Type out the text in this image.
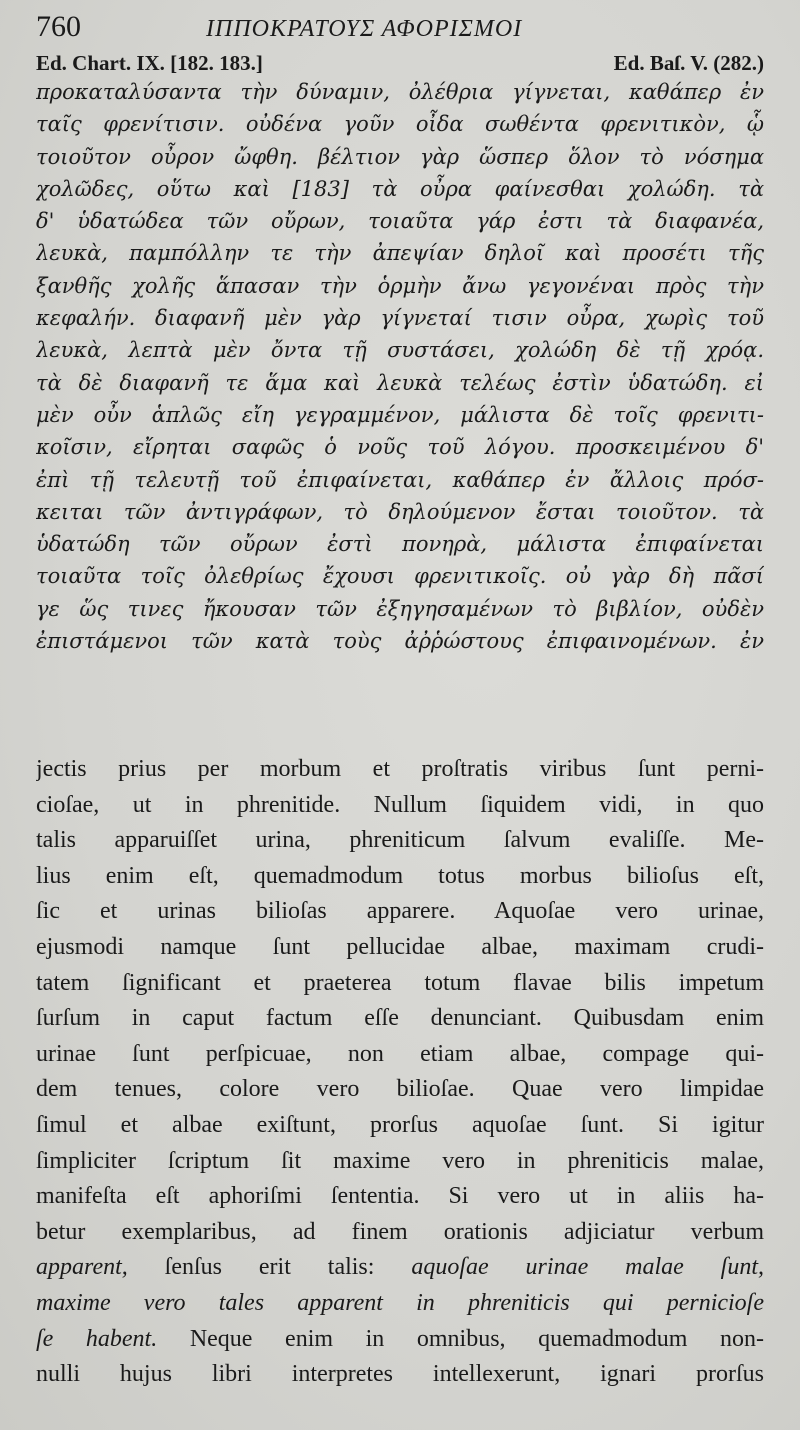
760	ΙΠΠΟΚΡΑΤΟΥΣ ΑΦΟΡΙΣΜΟΙ
Ed. Chart. IX. [182. 183.]	Ed. Baſ. V. (282.)
προκαταλύσαντα τὴν δύναμιν, ὀλέθρια γίγνεται, καθάπερ ἐν
ταῖς φρενίτισιν. οὐδένα γοῦν οἶδα σωθέντα φρενιτικὸν, ᾧ
τοιοῦτον οὖρον ὤφθη. βέλτιον γὰρ ὥσπερ ὅλον τὸ νόσημα
χολῶδες, οὕτω καὶ [183] τὰ οὖρα φαίνεσθαι χολώδη. τὰ
δ' ὑδατώδεα τῶν οὔρων, τοιαῦτα γάρ ἐστι τὰ διαφανέα,
λευκὰ, παμπόλλην τε τὴν ἀπεψίαν δηλοῖ καὶ προσέτι τῆς
ξανθῆς χολῆς ἅπασαν τὴν ὁρμὴν ἄνω γεγονέναι πρὸς τὴν
κεφαλήν. διαφανῆ μὲν γὰρ γίγνεταί τισιν οὖρα, χωρὶς τοῦ
λευκὰ, λεπτὰ μὲν ὄντα τῇ συστάσει, χολώδη δὲ τῇ χρόᾳ.
τὰ δὲ διαφανῆ τε ἅμα καὶ λευκὰ τελέως ἐστὶν ὑδατώδη. εἰ
μὲν οὖν ἁπλῶς εἴη γεγραμμένον, μάλιστα δὲ τοῖς φρενιτι-
κοῖσιν, εἴρηται σαφῶς ὁ νοῦς τοῦ λόγου. προσκειμένου δ'
ἐπὶ τῇ τελευτῇ τοῦ ἐπιφαίνεται, καθάπερ ἐν ἄλλοις πρόσ-
κειται τῶν ἀντιγράφων, τὸ δηλούμενον ἔσται τοιοῦτον. τὰ
ὑδατώδη τῶν οὔρων ἐστὶ πονηρὰ, μάλιστα ἐπιφαίνεται
τοιαῦτα τοῖς ὀλεθρίως ἔχουσι φρενιτικοῖς. οὐ γὰρ δὴ πᾶσί
γε ὥς τινες ἤκουσαν τῶν ἐξηγησαμένων τὸ βιβλίον, οὐδὲν
ἐπιστάμενοι τῶν κατὰ τοὺς ἀῤῥώστους ἐπιφαινομένων. ἐν
jectis prius per morbum et proſtratis viribus ſunt perni-
cioſae, ut in phrenitide. Nullum ſiquidem vidi, in quo
talis apparuiſſet urina, phreniticum ſalvum evaliſſe. Me-
lius enim eſt, quemadmodum totus morbus bilioſus eſt,
ſic et urinas bilioſas apparere. Aquoſae vero urinae,
ejusmodi namque ſunt pellucidae albae, maximam crudi-
tatem ſignificant et praeterea totum flavae bilis impetum
ſurſum in caput factum eſſe denunciant. Quibusdam enim
urinae ſunt perſpicuae, non etiam albae, compage qui-
dem tenues, colore vero bilioſae. Quae vero limpidae
ſimul et albae exiſtunt, prorſus aquoſae ſunt. Si igitur
ſimpliciter ſcriptum ſit maxime vero in phreniticis malae,
manifeſta eſt aphoriſmi ſententia. Si vero ut in aliis ha-
betur exemplaribus, ad finem orationis adjiciatur verbum
apparent, ſenſus erit talis: aquoſae urinae malae ſunt,
maxime vero tales apparent in phreniticis qui pernicioſe
ſe habent. Neque enim in omnibus, quemadmodum non-
nulli hujus libri interpretes intellexerunt, ignari prorſus
